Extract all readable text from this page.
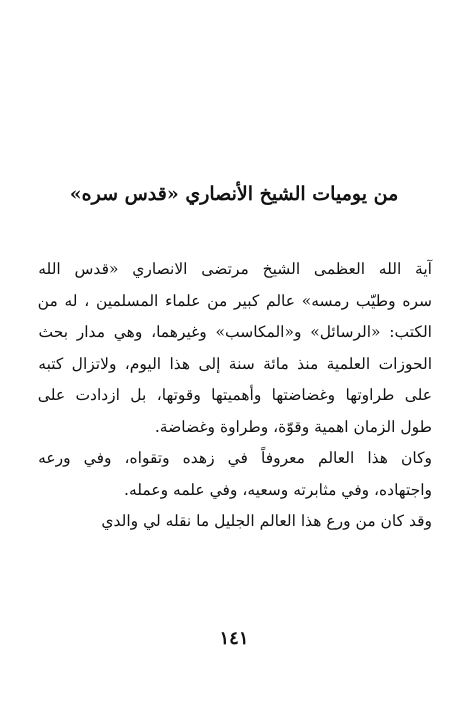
من يوميات الشيخ الأنصاري «قدس سره»

آية الله العظمى الشيخ مرتضى الانصاري «قدس الله
سره وطيّب رمسه» عالم كبير من علماء المسلمين ، له من
الكتب: «الرسائل» و«المكاسب» وغيرهما، وهي مدار بحث
الحوزات العلمية منذ مائة سنة إلى هذا اليوم، ولاتزال كتبه
على طراوتها وغضاضتها وأهميتها وقوتها، بل ازدادت على
طول الزمان اهمية وقوّة، وطراوة وغضاضة.

وكان هذا العالم معروفاً في زهده وتقواه، وفي ورعه
واجتهاده، وفي مثابرته وسعيه، وفي علمه وعمله.

وقد كان من ورع هذا العالم الجليل ما نقله لي والدي

١٤١
